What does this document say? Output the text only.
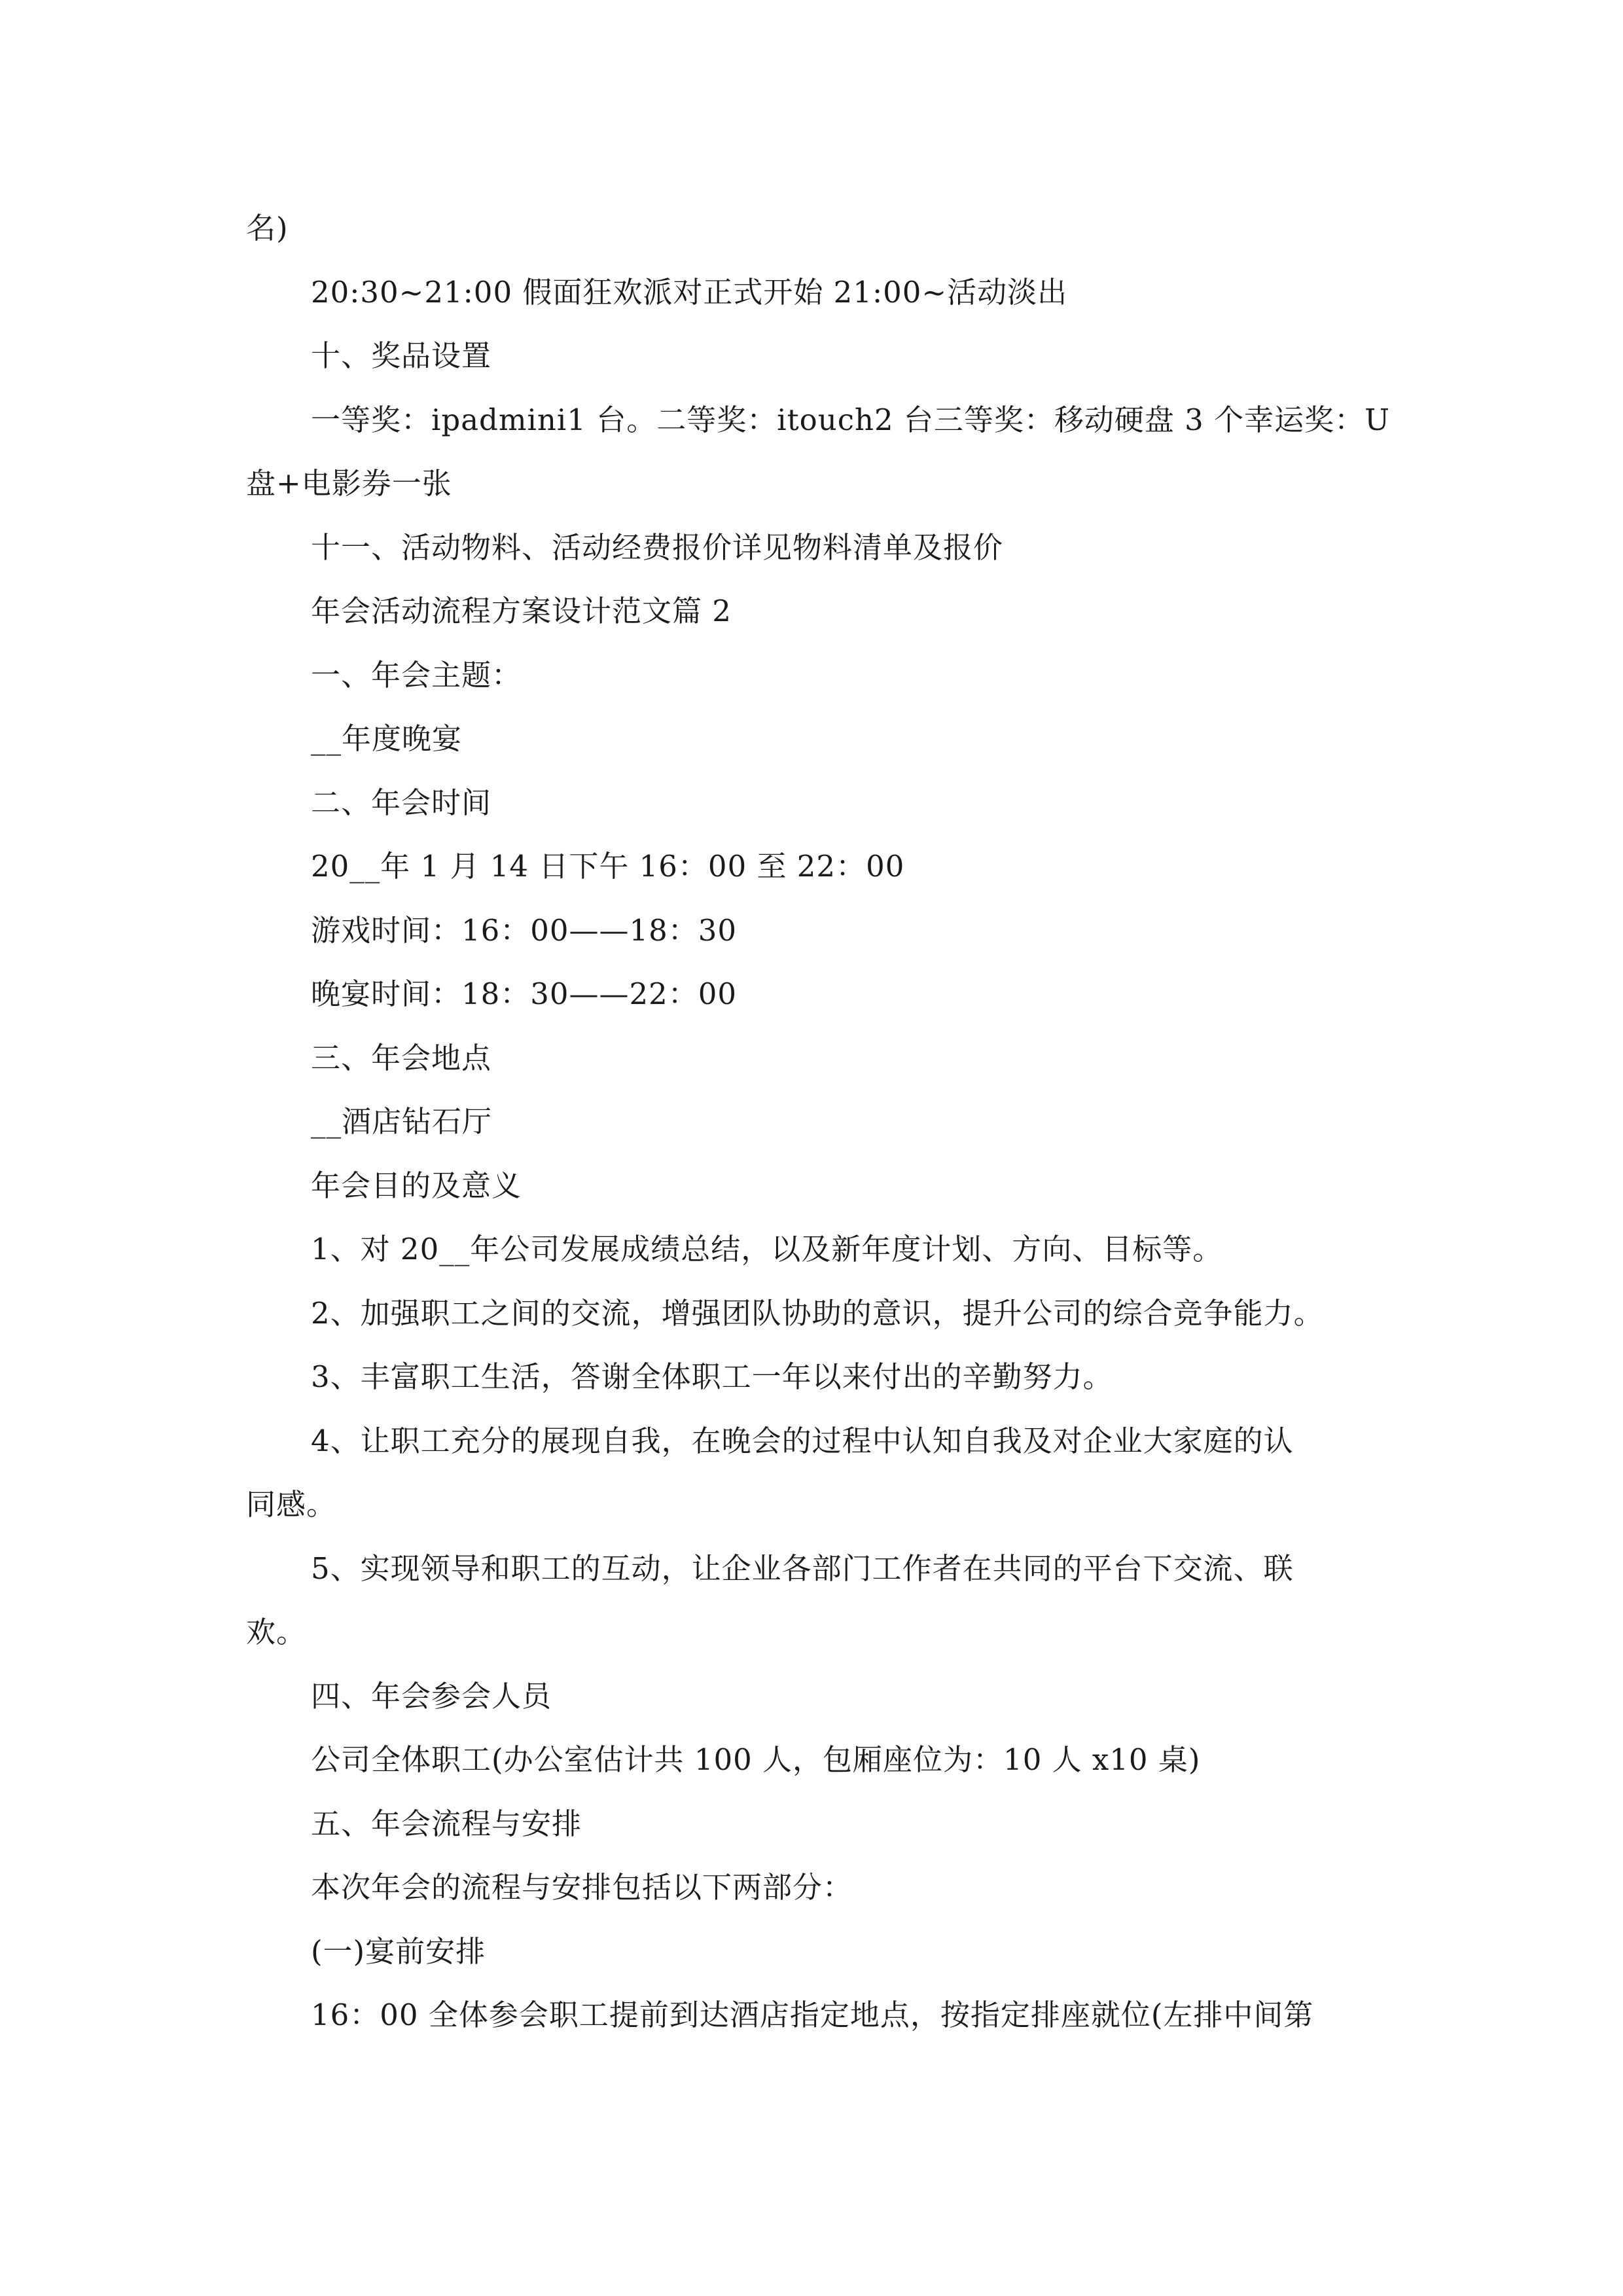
名)
20:30~21:00 假面狂欢派对正式开始 21:00~活动淡出
十、奖品设置
一等奖：ipadmini1 台。二等奖：itouch2 台三等奖：移动硬盘 3 个幸运奖：U
盘+电影券一张
十一、活动物料、活动经费报价详见物料清单及报价
年会活动流程方案设计范文篇 2
一、年会主题：
__年度晚宴
二、年会时间
20__年 1 月 14 日下午 16：00 至 22：00
游戏时间：16：00——18：30
晚宴时间：18：30——22：00
三、年会地点
__酒店钻石厅
年会目的及意义
1、对 20__年公司发展成绩总结，以及新年度计划、方向、目标等。
2、加强职工之间的交流，增强团队协助的意识，提升公司的综合竞争能力。
3、丰富职工生活，答谢全体职工一年以来付出的辛勤努力。
4、让职工充分的展现自我，在晚会的过程中认知自我及对企业大家庭的认
同感。
5、实现领导和职工的互动，让企业各部门工作者在共同的平台下交流、联
欢。
四、年会参会人员
公司全体职工(办公室估计共 100 人，包厢座位为：10 人 x10 桌)
五、年会流程与安排
本次年会的流程与安排包括以下两部分：
(一)宴前安排
16：00 全体参会职工提前到达酒店指定地点，按指定排座就位(左排中间第
